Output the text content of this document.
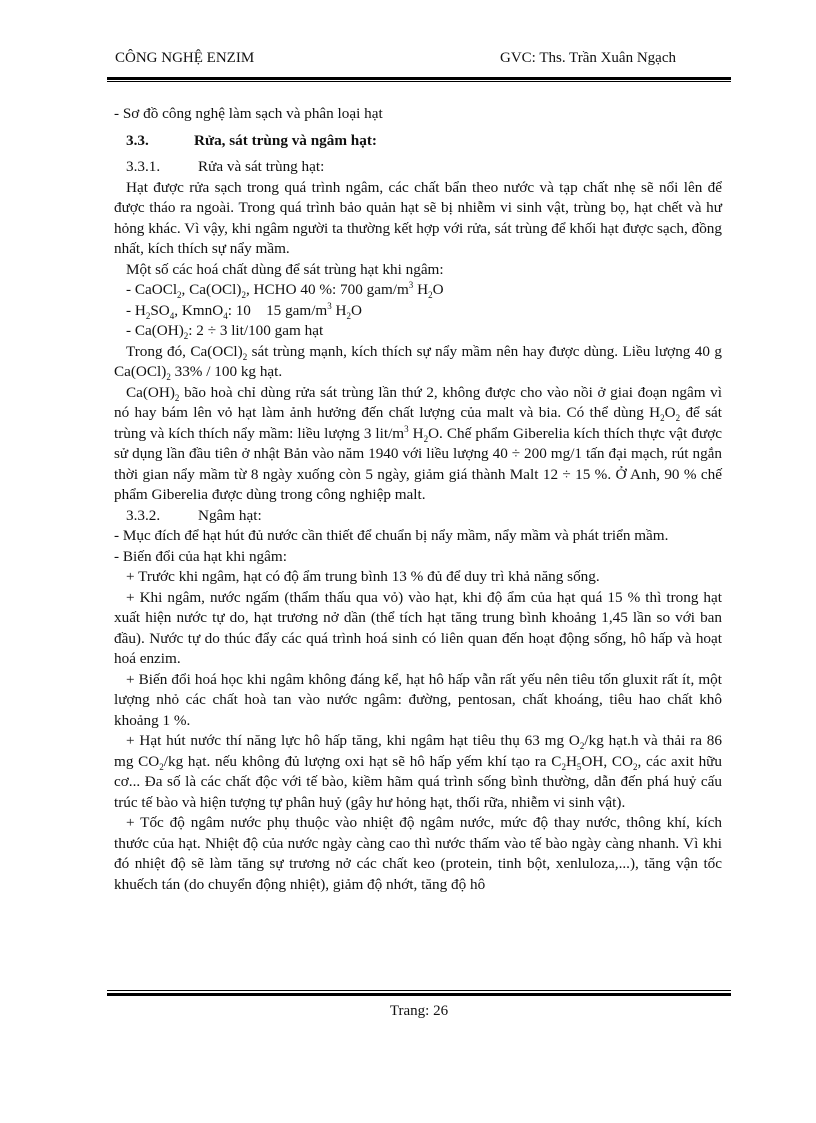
CÔNG NGHỆ ENZIM	GVC: Ths. Trần Xuân Ngạch

- Sơ đồ công nghệ làm sạch và phân loại hạt

3.3.	Rửa, sát trùng và ngâm hạt:

3.3.1. Rửa và sát trùng hạt:

Hạt được rửa sạch trong quá trình ngâm, các chất bẩn theo nước và tạp chất nhẹ sẽ nổi lên để được tháo ra ngoài. Trong quá trình bảo quản hạt sẽ bị nhiễm vi sinh vật, trùng bọ, hạt chết và hư hỏng khác. Vì vậy, khi ngâm người ta thường kết hợp với rửa, sát trùng để khối hạt được sạch, đồng nhất, kích thích sự nẩy mầm.

Một số các hoá chất dùng để sát trùng hạt khi ngâm:

- CaOCl$_2$, $Ca(OCl)_2$, HCHO 40 %: 700 gam/$m^3$ $H_2O$

- $H_2SO_4$, KmnO$_4$: 10    15 gam/$m^3$ $H_2O$

- $Ca(OH)_2$: 2 ÷ 3 lit/100 gam hạt

Trong đó, $Ca(OCl)_2$ sát trùng mạnh, kích thích sự nẩy mầm nên hay được dùng. Liều lượng 40 g $Ca(OCl)_2$ 33% / 100 kg hạt.

$Ca(OH)_2$ bão hoà chỉ dùng rửa sát trùng lần thứ 2, không được cho vào nồi ở giai đoạn ngâm vì nó hay bám lên vỏ hạt làm ảnh hưởng đến chất lượng của malt và bia. Có thể dùng $H_2O_2$ để sát trùng và kích thích nẩy mầm: liều lượng 3 lit/$m^3$ $H_2O$. Chế phẩm Giberelia kích thích thực vật được sử dụng lần đầu tiên ở nhật Bản vào năm 1940 với liều lượng 40 ÷ 200 mg/1 tấn đại mạch, rút ngắn thời gian nẩy mầm từ 8 ngày xuống còn 5 ngày, giảm giá thành Malt 12 ÷ 15 %. Ở Anh, 90 % chế phẩm Giberelia được dùng trong công nghiệp malt.

3.3.2. Ngâm hạt:

- Mục đích để hạt hút đủ nước cần thiết để chuẩn bị nẩy mầm, nẩy mầm và phát triển mầm.

- Biến đổi của hạt khi ngâm:

+ Trước khi ngâm, hạt có độ ẩm trung bình 13 % đủ để duy trì khả năng sống.

+ Khi ngâm, nước ngấm (thẩm thấu qua vỏ) vào hạt, khi độ ẩm của hạt quá 15 % thì trong hạt xuất hiện nước tự do, hạt trương nở dần (thể tích hạt tăng trung bình khoảng 1,45 lần so với ban đầu). Nước tự do thúc đẩy các quá trình hoá sinh có liên quan đến hoạt động sống, hô hấp và hoạt hoá enzim.

+ Biến đổi hoá học khi ngâm không đáng kể, hạt hô hấp vẫn rất yếu nên tiêu tốn gluxit rất ít, một lượng nhỏ các chất hoà tan vào nước ngâm: đường, pentosan, chất khoáng, tiêu hao chất khô khoảng 1 %.

+ Hạt hút nước thí năng lực hô hấp tăng, khi ngâm hạt tiêu thụ 63 mg $O_2/kg$ hạt.h và thải ra 86 mg $CO_2/kg$ hạt. nếu không đủ lượng oxi hạt sẽ hô hấp yếm khí tạo ra $C_2H_5OH$, $CO_2$, các axit hữu cơ... Đa số là các chất độc với tế bào, kiềm hãm quá trình sống bình thường, dẫn đến phá huỷ cấu trúc tế bào và hiện tượng tự phân huỷ (gây hư hỏng hạt, thối rữa, nhiễm vi sinh vật).

+ Tốc độ ngâm nước phụ thuộc vào nhiệt độ ngâm nước, mức độ thay nước, thông khí, kích thước của hạt. Nhiệt độ của nước ngày càng cao thì nước thấm vào tế bào ngày càng nhanh. Vì khi đó nhiệt độ sẽ làm tăng sự trương nở các chất keo (protein, tinh bột, xenluloza,...), tăng vận tốc khuếch tán (do chuyển động nhiệt), giảm độ nhớt, tăng độ hô

Trang: 26
